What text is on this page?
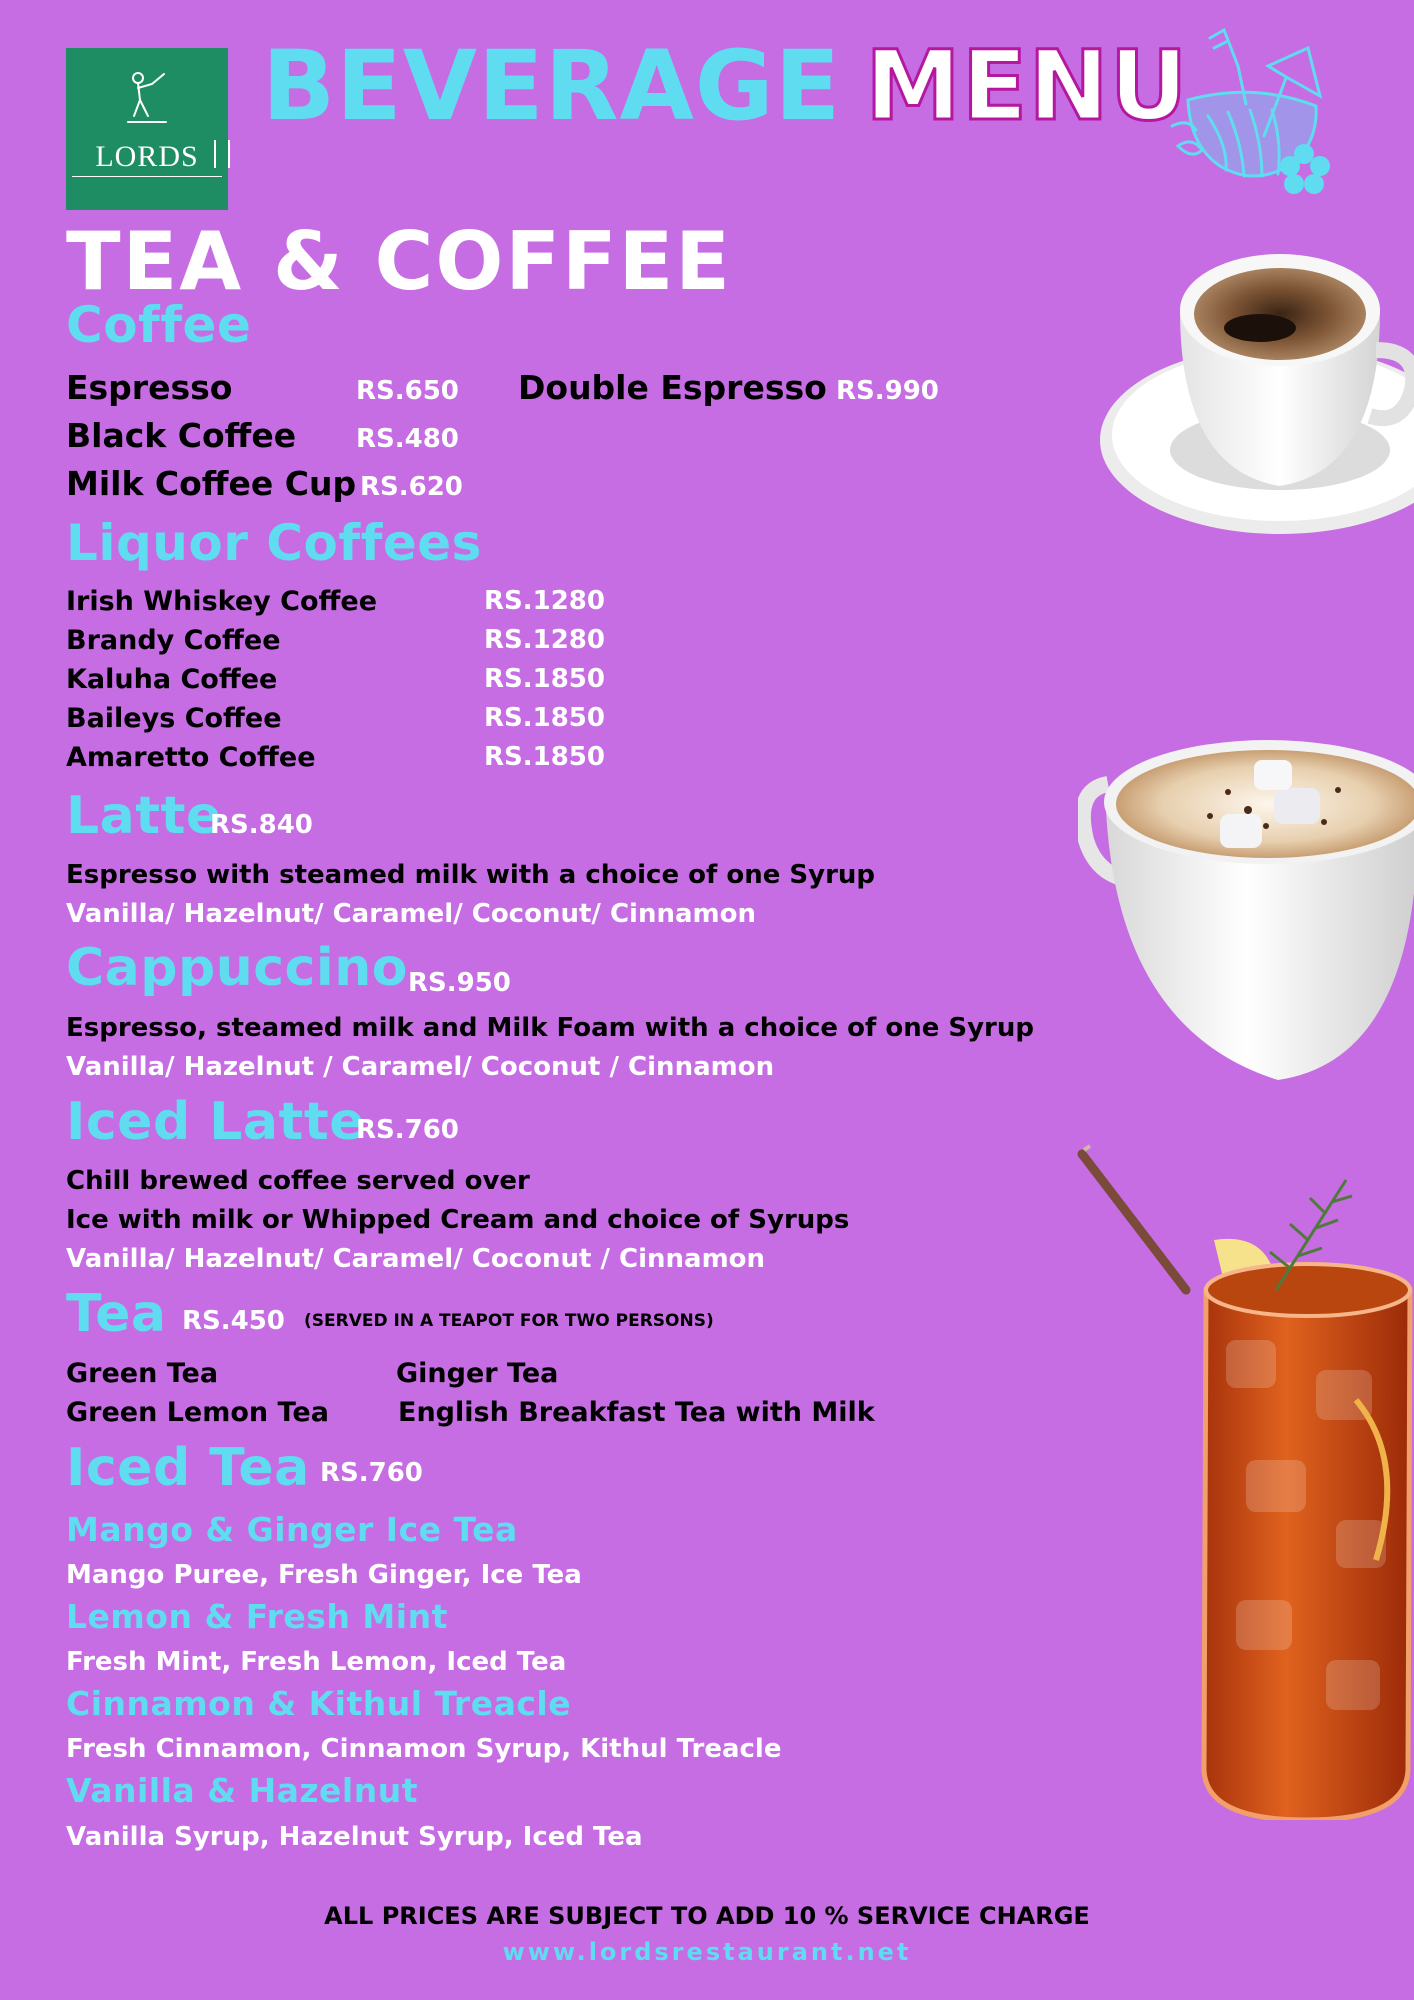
LORDS
BEVERAGE MENU
TEA & COFFEE
Coffee
Espresso	RS.650
Black Coffee RS.480
Milk Coffee Cup RS.620
Double Espresso RS.990
Liquor Coffees
Irish Whiskey Coffee	RS.1280
Brandy Coffee	RS.1280
Kaluha Coffee	RS.1850
Baileys Coffee	RS.1850
Amaretto Coffee	RS.1850
Latte
RS.840
Espresso with steamed milk with a choice of one Syrup
Vanilla/ Hazelnut/ Caramel/ Coconut/ Cinnamon
Cappuccino RS.950
Espresso, steamed milk and Milk Foam with a choice of one Syrup
Vanilla/ Hazelnut / Caramel/ Coconut / Cinnamon
Iced Latte
RS.760
Chill brewed coffee served over
Ice with milk or Whipped Cream and choice of Syrups
Vanilla/ Hazelnut/ Caramel/ Coconut / Cinnamon
Tea RS.450 (SERVED IN A TEAPOT FOR TWO PERSONS)
Green Tea	Ginger Tea
Green Lemon Tea	English Breakfast Tea with Milk
Iced Tea RS.760
Mango & Ginger Ice Tea
Mango Puree, Fresh Ginger, Ice Tea
Lemon & Fresh Mint
Fresh Mint, Fresh Lemon, Iced Tea
Cinnamon & Kithul Treacle
Fresh Cinnamon, Cinnamon Syrup, Kithul Treacle
Vanilla & Hazelnut
Vanilla Syrup, Hazelnut Syrup, Iced Tea
ALL PRICES ARE SUBJECT TO ADD 10 % SERVICE CHARGE
www.lordsrestaurant.net
